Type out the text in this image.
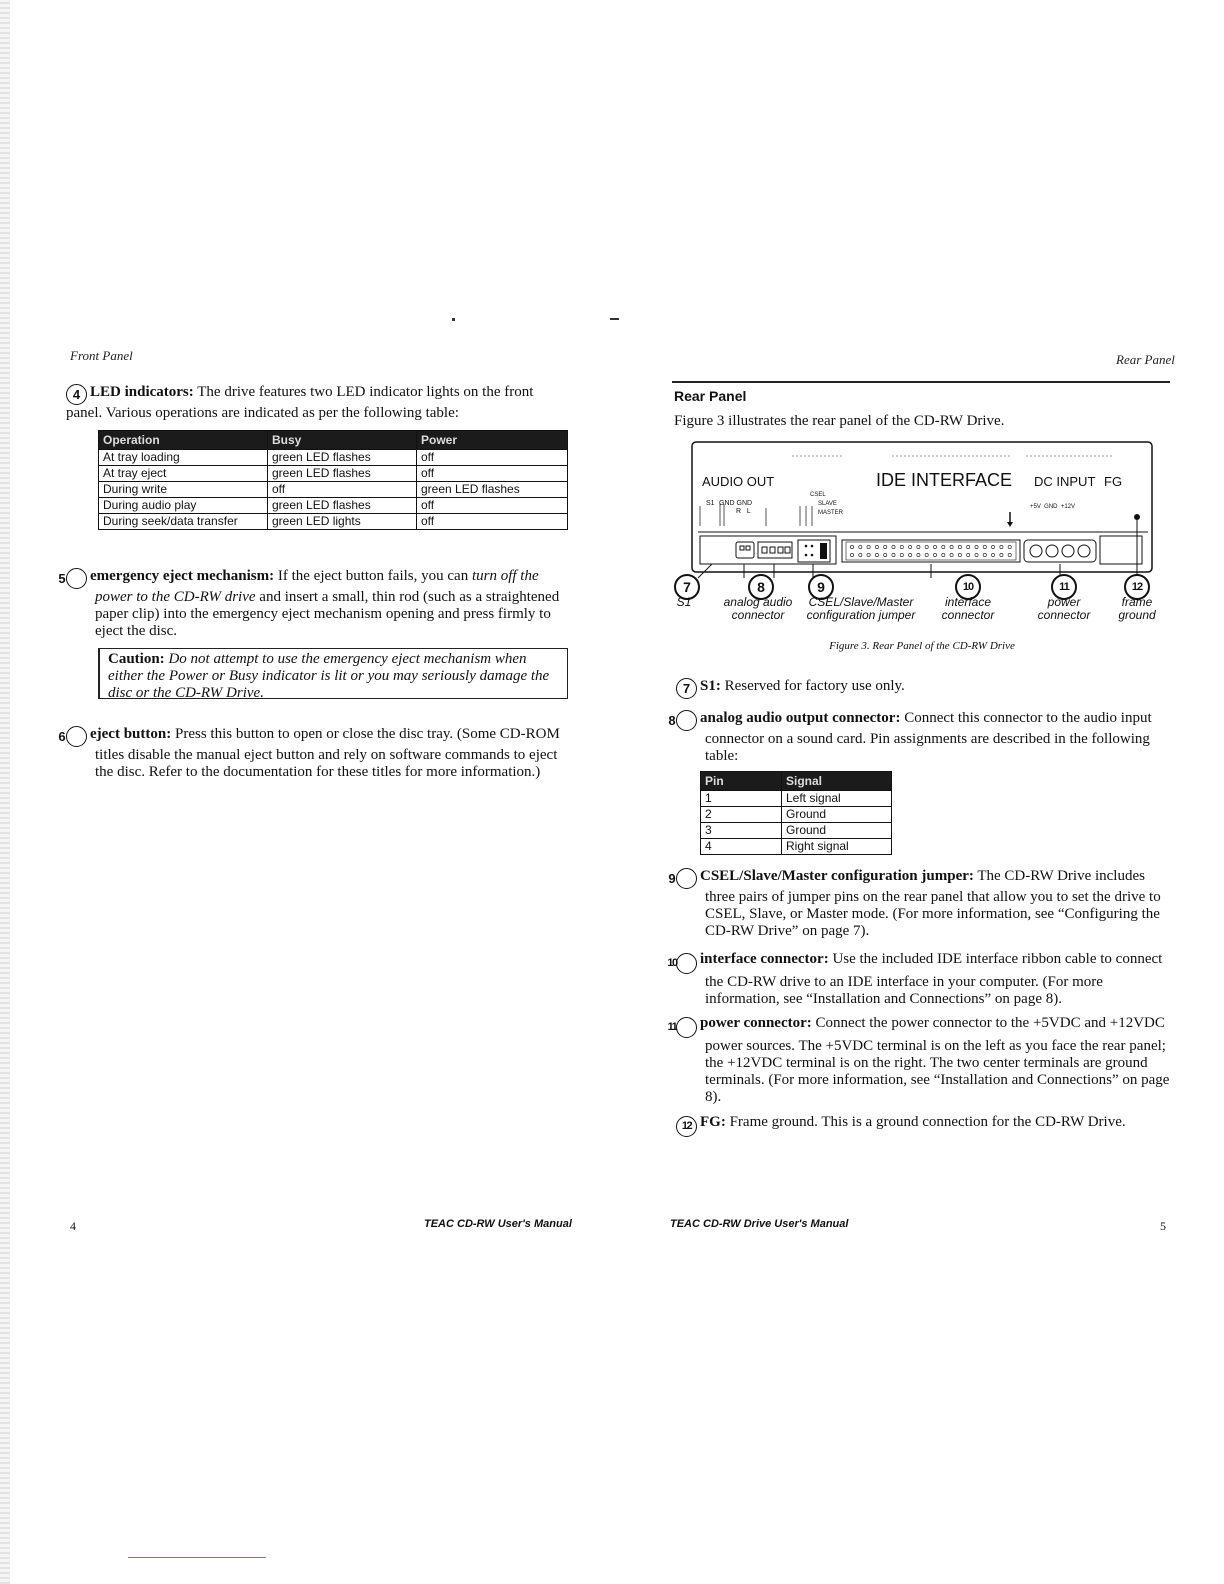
Front Panel
4 LED indicators: The drive features two LED indicator lights on the front panel. Various operations are indicated as per the following table:
Operation	Busy	Power
At tray loading	green LED flashes	off
At tray eject	green LED flashes	off
During write	off	green LED flashes
During audio play	green LED flashes	off
During seek/data transfer	green LED lights	off
5 emergency eject mechanism: If the eject button fails, you can turn off the power to the CD-RW drive and insert a small, thin rod (such as a straightened paper clip) into the emergency eject mechanism opening and press firmly to eject the disc.
Caution: Do not attempt to use the emergency eject mechanism when either the Power or Busy indicator is lit or you may seriously damage the disc or the CD-RW Drive.
6 eject button: Press this button to open or close the disc tray. (Some CD-ROM titles disable the manual eject button and rely on software commands to eject the disc. Refer to the documentation for these titles for more information.)
TEAC CD-RW User's Manual
4
Rear Panel
Rear Panel
Figure 3 illustrates the rear panel of the CD-RW Drive.
AUDIO OUT	IDE INTERFACE DC INPUT FG
S1 GND GND
R   L
CSEL
SLAVE
MASTER
+5V  GND  +12V
7	8	9	10	11	12
S1	analog audio connector
CSEL/Slave/Master configuration jumper
interface connector
power connector
frame ground
Figure 3. Rear Panel of the CD-RW Drive
7 S1: Reserved for factory use only.
8 analog audio output connector: Connect this connector to the audio input connector on a sound card. Pin assignments are described in the following table:
Pin	Signal
1	Left signal
2	Ground
3	Ground
4	Right signal
9 CSEL/Slave/Master configuration jumper: The CD-RW Drive includes three pairs of jumper pins on the rear panel that allow you to set the drive to CSEL, Slave, or Master mode. (For more information, see “Configuring the CD-RW Drive” on page 7).
10 interface connector: Use the included IDE interface ribbon cable to connect the CD-RW drive to an IDE interface in your computer. (For more information, see “Installation and Connections” on page 8).
11 power connector: Connect the power connector to the +5VDC and +12VDC power sources. The +5VDC terminal is on the left as you face the rear panel; the +12VDC terminal is on the right. The two center terminals are ground terminals. (For more information, see “Installation and Connections” on page 8).
12 FG: Frame ground. This is a ground connection for the CD-RW Drive.
TEAC CD-RW Drive User's Manual	5
